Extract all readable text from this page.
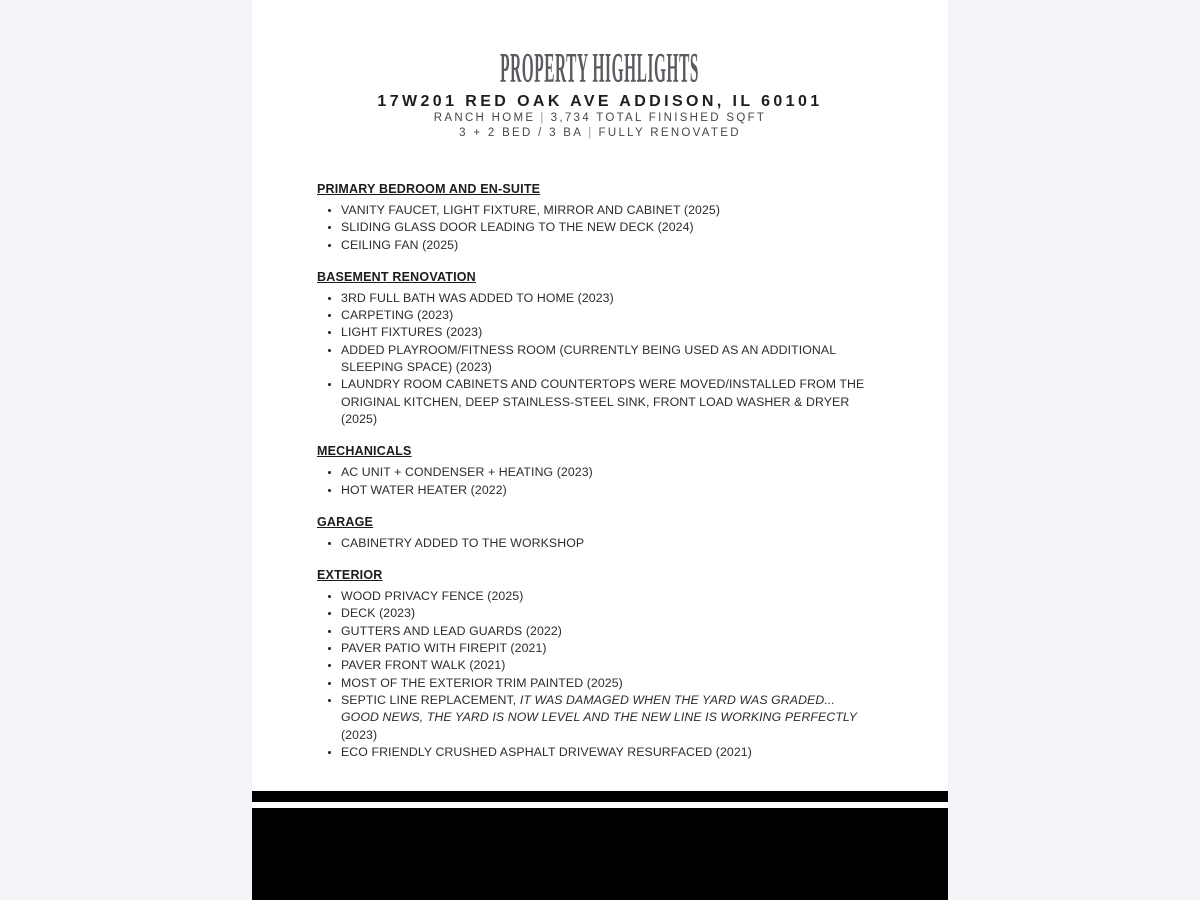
PROPERTY HIGHLIGHTS
17W201 RED OAK AVE ADDISON, IL 60101
RANCH HOME | 3,734 TOTAL FINISHED SQFT
3 + 2 BED / 3 BA | FULLY RENOVATED
PRIMARY BEDROOM AND EN-SUITE
• VANITY FAUCET, LIGHT FIXTURE, MIRROR AND CABINET (2025)
• SLIDING GLASS DOOR LEADING TO THE NEW DECK (2024)
• CEILING FAN (2025)
BASEMENT RENOVATION
• 3RD FULL BATH WAS ADDED TO HOME (2023)
• CARPETING (2023)
• LIGHT FIXTURES (2023)
• ADDED PLAYROOM/FITNESS ROOM (CURRENTLY BEING USED AS AN ADDITIONAL SLEEPING SPACE) (2023)
• LAUNDRY ROOM CABINETS AND COUNTERTOPS WERE MOVED/INSTALLED FROM THE ORIGINAL KITCHEN, DEEP STAINLESS-STEEL SINK, FRONT LOAD WASHER & DRYER (2025)
MECHANICALS
• AC UNIT + CONDENSER + HEATING (2023)
• HOT WATER HEATER (2022)
GARAGE
• CABINETRY ADDED TO THE WORKSHOP
EXTERIOR
• WOOD PRIVACY FENCE (2025)
• DECK (2023)
• GUTTERS AND LEAD GUARDS (2022)
• PAVER PATIO WITH FIREPIT (2021)
• PAVER FRONT WALK (2021)
• MOST OF THE EXTERIOR TRIM PAINTED (2025)
• SEPTIC LINE REPLACEMENT, IT WAS DAMAGED WHEN THE YARD WAS GRADED... GOOD NEWS, THE YARD IS NOW LEVEL AND THE NEW LINE IS WORKING PERFECTLY (2023)
• ECO FRIENDLY CRUSHED ASPHALT DRIVEWAY RESURFACED (2021)
